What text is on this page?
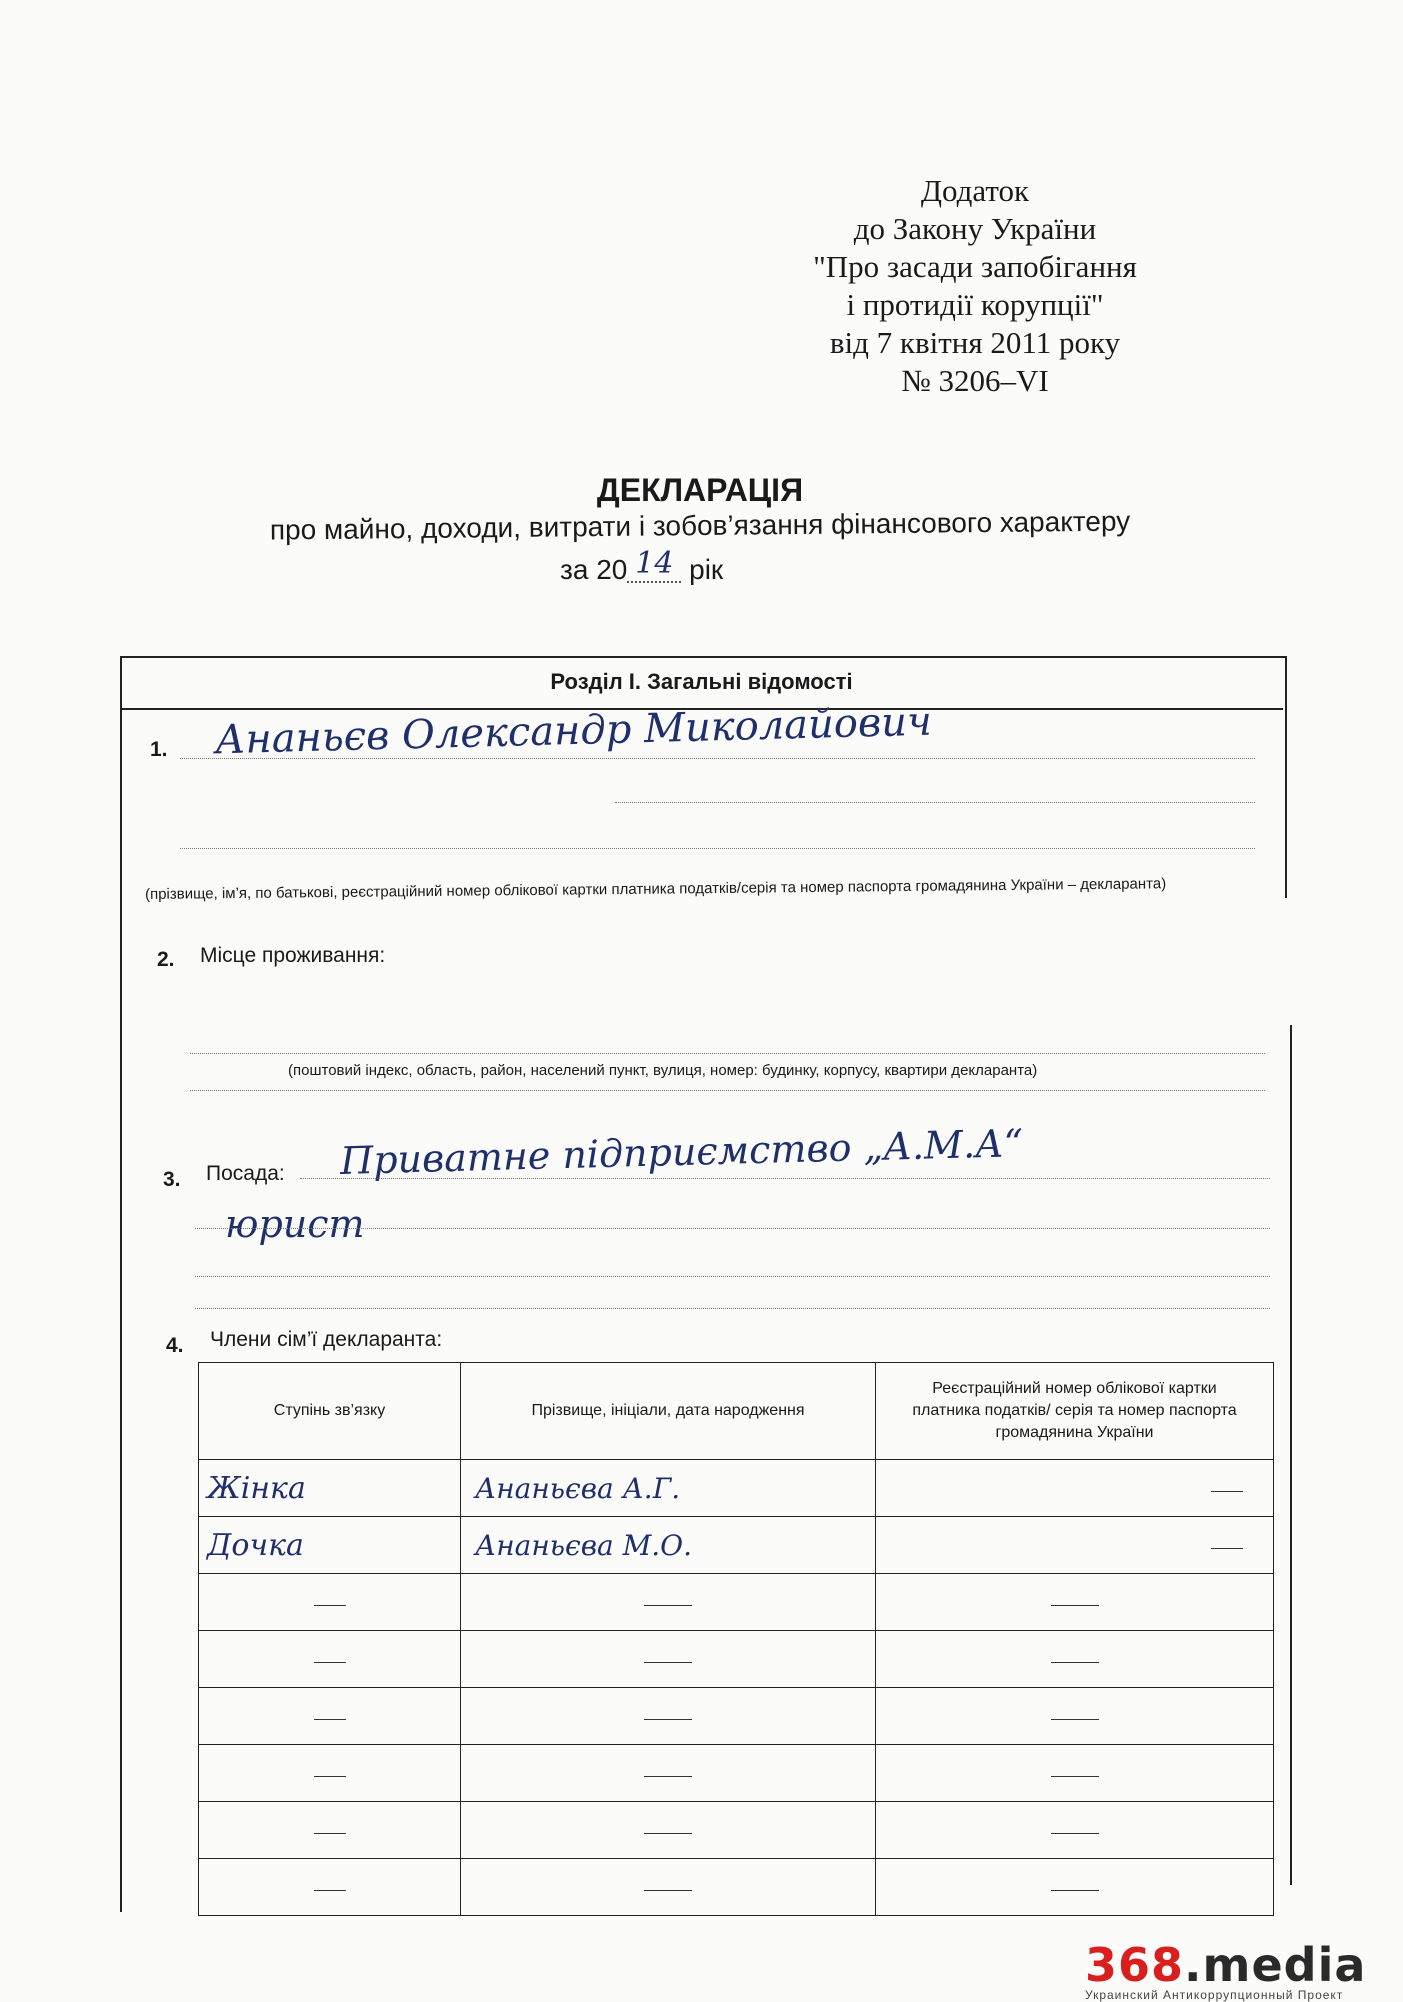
Додаток
до Закону України
"Про засади запобігання
і протидії корупції"
від 7 квітня 2011 року
№ 3206–VI
ДЕКЛАРАЦІЯ
про майно, доходи, витрати і зобов’язання фінансового характеру
за 20 14 рік
Розділ І. Загальні відомості
1. Ананьєв Олександр Миколайович
(прізвище, ім’я, по батькові, реєстраційний номер облікової картки платника податків/серія та номер паспорта громадянина України – декларанта)
2. Місце проживання:
(поштовий індекс, область, район, населений пункт, вулиця, номер: будинку, корпусу, квартири декларанта)
3. Посада: Приватне підприємство „А.М.А“
юрист
4. Члени сім’ї декларанта:
Ступінь зв’язку	Прізвище, ініціали, дата народження	Реєстраційний номер облікової картки платника податків/ серія та номер паспорта громадянина України
Жінка	Ананьєва А.Г.	
Дочка	Ананьєва М.О.	

368.media
Украинский Антикоррупционный Проект
